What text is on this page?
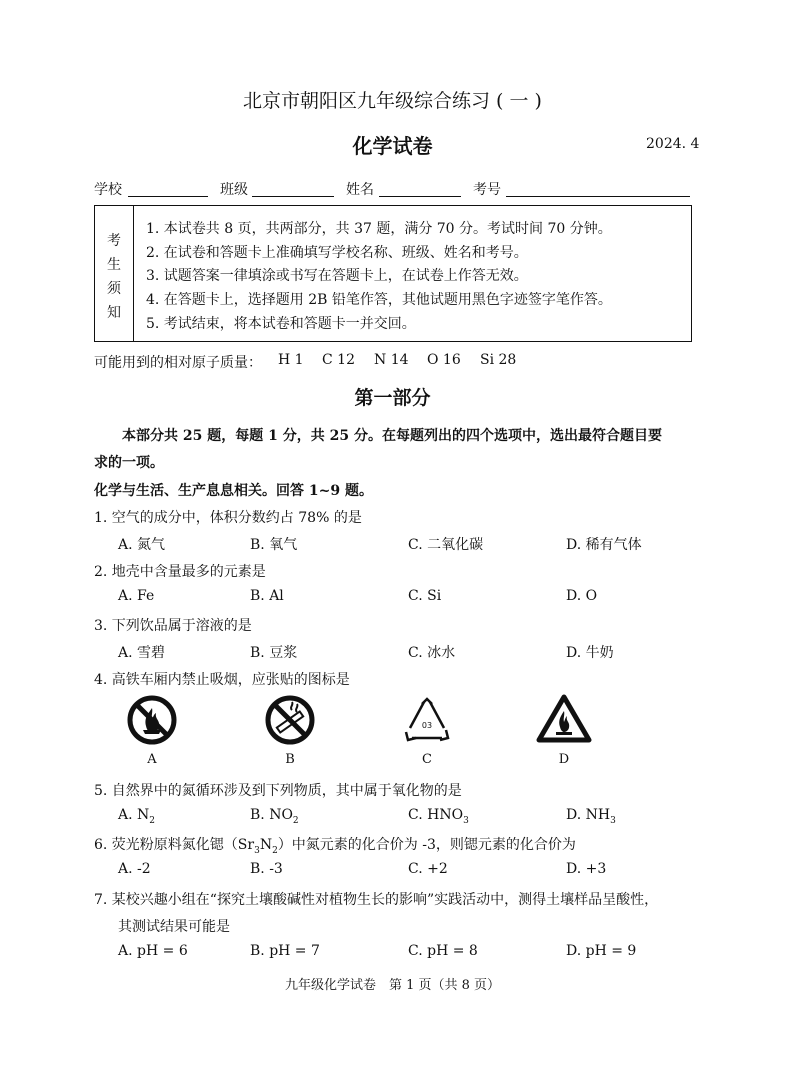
北京市朝阳区九年级综合练习 ( 一 )
化学试卷	2024. 4
学校	班级	姓名	考号
考
生
须
知
1. 本试卷共 8 页，共两部分，共 37 题，满分 70 分。考试时间 70 分钟。
2. 在试卷和答题卡上准确填写学校名称、班级、姓名和考号。
3. 试题答案一律填涂或书写在答题卡上，在试卷上作答无效。
4. 在答题卡上，选择题用 2B 铅笔作答，其他试题用黑色字迹签字笔作答。
5. 考试结束，将本试卷和答题卡一并交回。
可能用到的相对原子质量： H 1 C 12 N 14 O 16 Si 28
第一部分
本部分共 25 题，每题 1 分，共 25 分。在每题列出的四个选项中，选出最符合题目要
求的一项。
化学与生活、生产息息相关。回答 1~9 题。
1. 空气的成分中，体积分数约占 78% 的是
A. 氮气	B. 氧气	C. 二氧化碳	D. 稀有气体
2. 地壳中含量最多的元素是
A. Fe	B. Al	C. Si	D. O
3. 下列饮品属于溶液的是
A. 雪碧	B. 豆浆	C. 冰水	D. 牛奶
4. 高铁车厢内禁止吸烟，应张贴的图标是
A	B
03
C	D
5. 自然界中的氮循环涉及到下列物质，其中属于氧化物的是
A. $N_2$	B. $NO_2$	C. $HNO_3$	D. $NH_3$
6. 荧光粉原料氮化锶$(Sr_3N_2)$中氮元素的化合价为 -3，则锶元素的化合价为
A. -2	B. -3	C. +2	D. +3
7. 某校兴趣小组在“探究土壤酸碱性对植物生长的影响”实践活动中，测得土壤样品呈酸性，
其测试结果可能是
A. pH = 6	B. pH = 7	C. pH = 8	D. pH = 9
九年级化学试卷　第 1 页（共 8 页）
